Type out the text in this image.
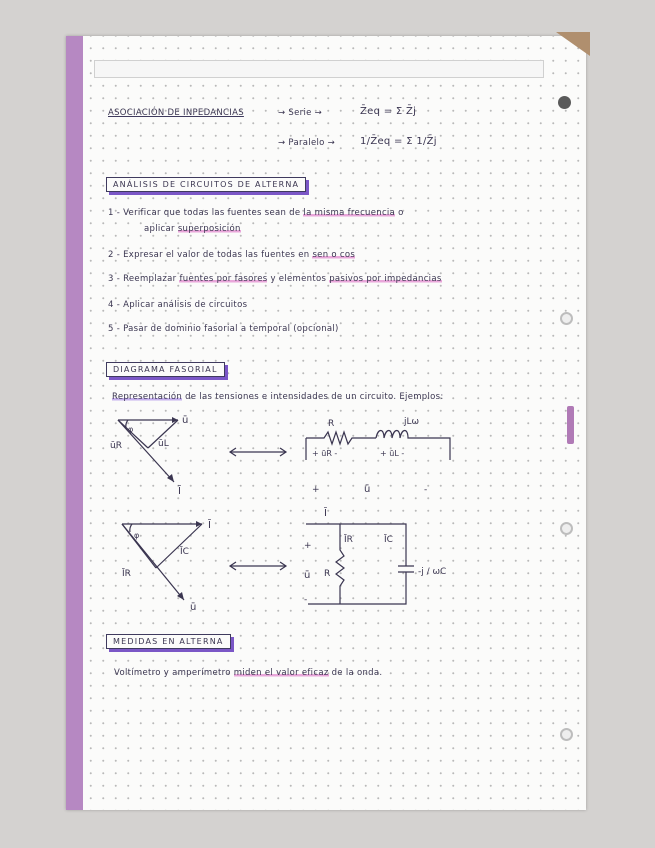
ASOCIACIÓN DE INPEDANCIAS	→ Serie →	Z̄eq = Σ Z̄j
→ Paralelo → 1/Z̄eq = Σ 1/Z̄j
ANÁLISIS DE CIRCUITOS DE ALTERNA
1 - Verificar que todas las fuentes sean de la misma frecuencia o
aplicar superposición
2 - Expresar el valor de todas las fuentes en sen o cos
3 - Reemplazar fuentes por fasores y elementos pasivos por impedancias
4 - Aplicar análisis de circuitos
5 - Pasar de dominio fasorial a temporal (opcional)
DIAGRAMA FASORIAL
Representación de las tensiones e intensidades de un circuito. Ejemplos:
ū
φ
ūR	ūL
Ī
R	jLω
+ ūR -	+ ūL -
+	ū	-
Ī
φ
ĪC
ĪR
ū
Ī
ĪR	ĪC
R	-j / ωC
+
ū
-
MEDIDAS EN ALTERNA
Voltímetro y amperímetro miden el valor eficaz de la onda.
